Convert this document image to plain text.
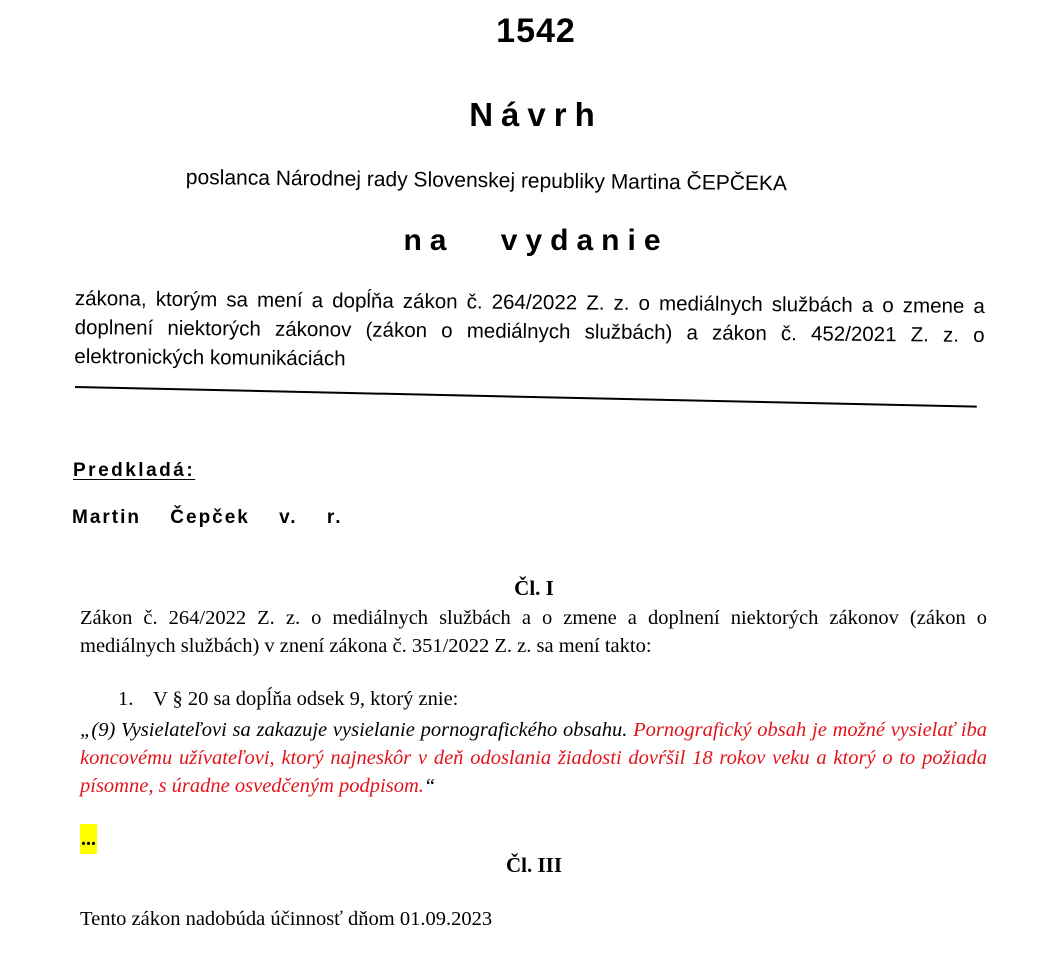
1542
Návrh
poslanca Národnej rady Slovenskej republiky Martina ČEPČEKA
na vydanie
zákona, ktorým sa mení a dopĺňa zákon č. 264/2022 Z. z. o mediálnych službách a o zmene a doplnení niektorých zákonov (zákon o mediálnych službách) a zákon č. 452/2021 Z. z. o elektronických komunikáciách
Predkladá:
Martin Čepček v. r.
Čl. I
Zákon č. 264/2022 Z. z. o mediálnych službách a o zmene a doplnení niektorých zákonov (zákon o mediálnych službách) v znení zákona č. 351/2022 Z. z. sa mení takto:
1. V § 20 sa dopĺňa odsek 9, ktorý znie:
„(9) Vysielateľovi sa zakazuje vysielanie pornografického obsahu. Pornografický obsah je možné vysielať iba koncovému užívateľovi, ktorý najneskôr v deň odoslania žiadosti dovŕšil 18 rokov veku a ktorý o to požiada písomne, s úradne osvedčeným podpisom.“
...
Čl. III
Tento zákon nadobúda účinnosť dňom 01.09.2023
